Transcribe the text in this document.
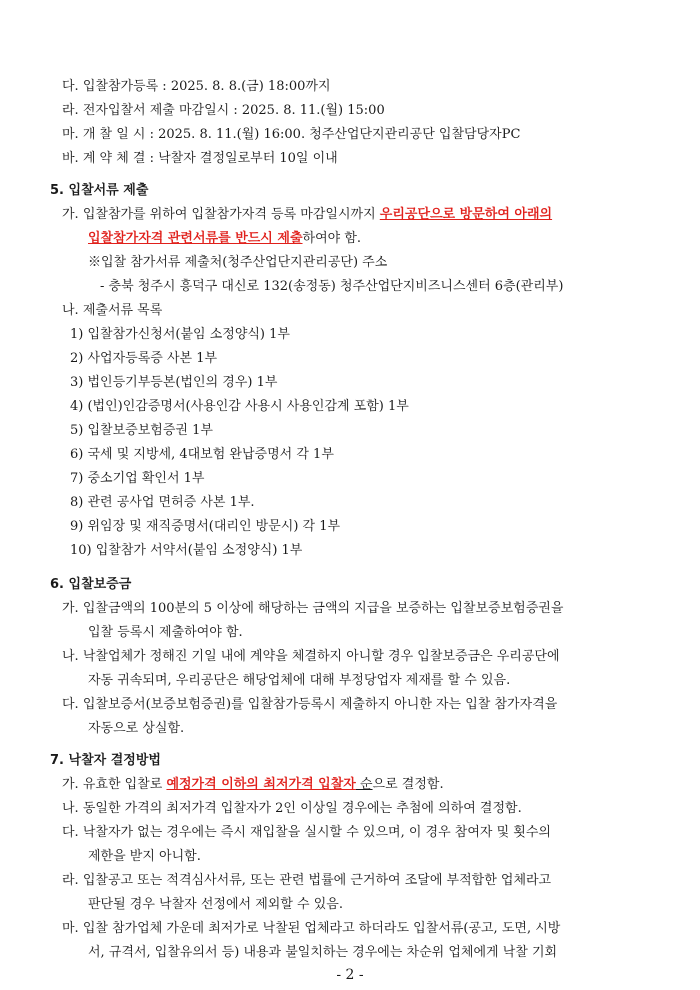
다. 입찰참가등록 : 2025. 8. 8.(금) 18:00까지
라. 전자입찰서 제출 마감일시 : 2025. 8. 11.(월) 15:00
마. 개 찰 일 시 : 2025. 8. 11.(월) 16:00. 청주산업단지관리공단 입찰담당자PC
바. 계 약 체 결 : 낙찰자 결정일로부터 10일 이내
5. 입찰서류 제출
가. 입찰참가를 위하여 입찰참가자격 등록 마감일시까지 우리공단으로 방문하여 아래의
입찰참가자격 관련서류를 반드시 제출하여야 함.
※입찰 참가서류 제출처(청주산업단지관리공단) 주소
- 충북 청주시 흥덕구 대신로 132(송정동) 청주산업단지비즈니스센터 6층(관리부)
나. 제출서류 목록
1) 입찰참가신청서(붙임 소정양식) 1부
2) 사업자등록증 사본 1부
3) 법인등기부등본(법인의 경우) 1부
4) (법인)인감증명서(사용인감 사용시 사용인감계 포함) 1부
5) 입찰보증보험증권 1부
6) 국세 및 지방세, 4대보험 완납증명서 각 1부
7) 중소기업 확인서 1부
8) 관련 공사업 면허증 사본 1부.
9) 위임장 및 재직증명서(대리인 방문시) 각 1부
10) 입찰참가 서약서(붙임 소정양식) 1부
6. 입찰보증금
가. 입찰금액의 100분의 5 이상에 해당하는 금액의 지급을 보증하는 입찰보증보험증권을
입찰 등록시 제출하여야 함.
나. 낙찰업체가 정해진 기일 내에 계약을 체결하지 아니할 경우 입찰보증금은 우리공단에
자동 귀속되며, 우리공단은 해당업체에 대해 부정당업자 제재를 할 수 있음.
다. 입찰보증서(보증보험증권)를 입찰참가등록시 제출하지 아니한 자는 입찰 참가자격을
자동으로 상실함.
7. 낙찰자 결정방법
가. 유효한 입찰로 예정가격 이하의 최저가격 입찰자 순으로 결정함.
나. 동일한 가격의 최저가격 입찰자가 2인 이상일 경우에는 추첨에 의하여 결정함.
다. 낙찰자가 없는 경우에는 즉시 재입찰을 실시할 수 있으며, 이 경우 참여자 및 횟수의
제한을 받지 아니함.
라. 입찰공고 또는 적격심사서류, 또는 관련 법률에 근거하여 조달에 부적합한 업체라고
판단될 경우 낙찰자 선정에서 제외할 수 있음.
마. 입찰 참가업체 가운데 최저가로 낙찰된 업체라고 하더라도 입찰서류(공고, 도면, 시방
서, 규격서, 입찰유의서 등) 내용과 불일치하는 경우에는 차순위 업체에게 낙찰 기회
- 2 -
